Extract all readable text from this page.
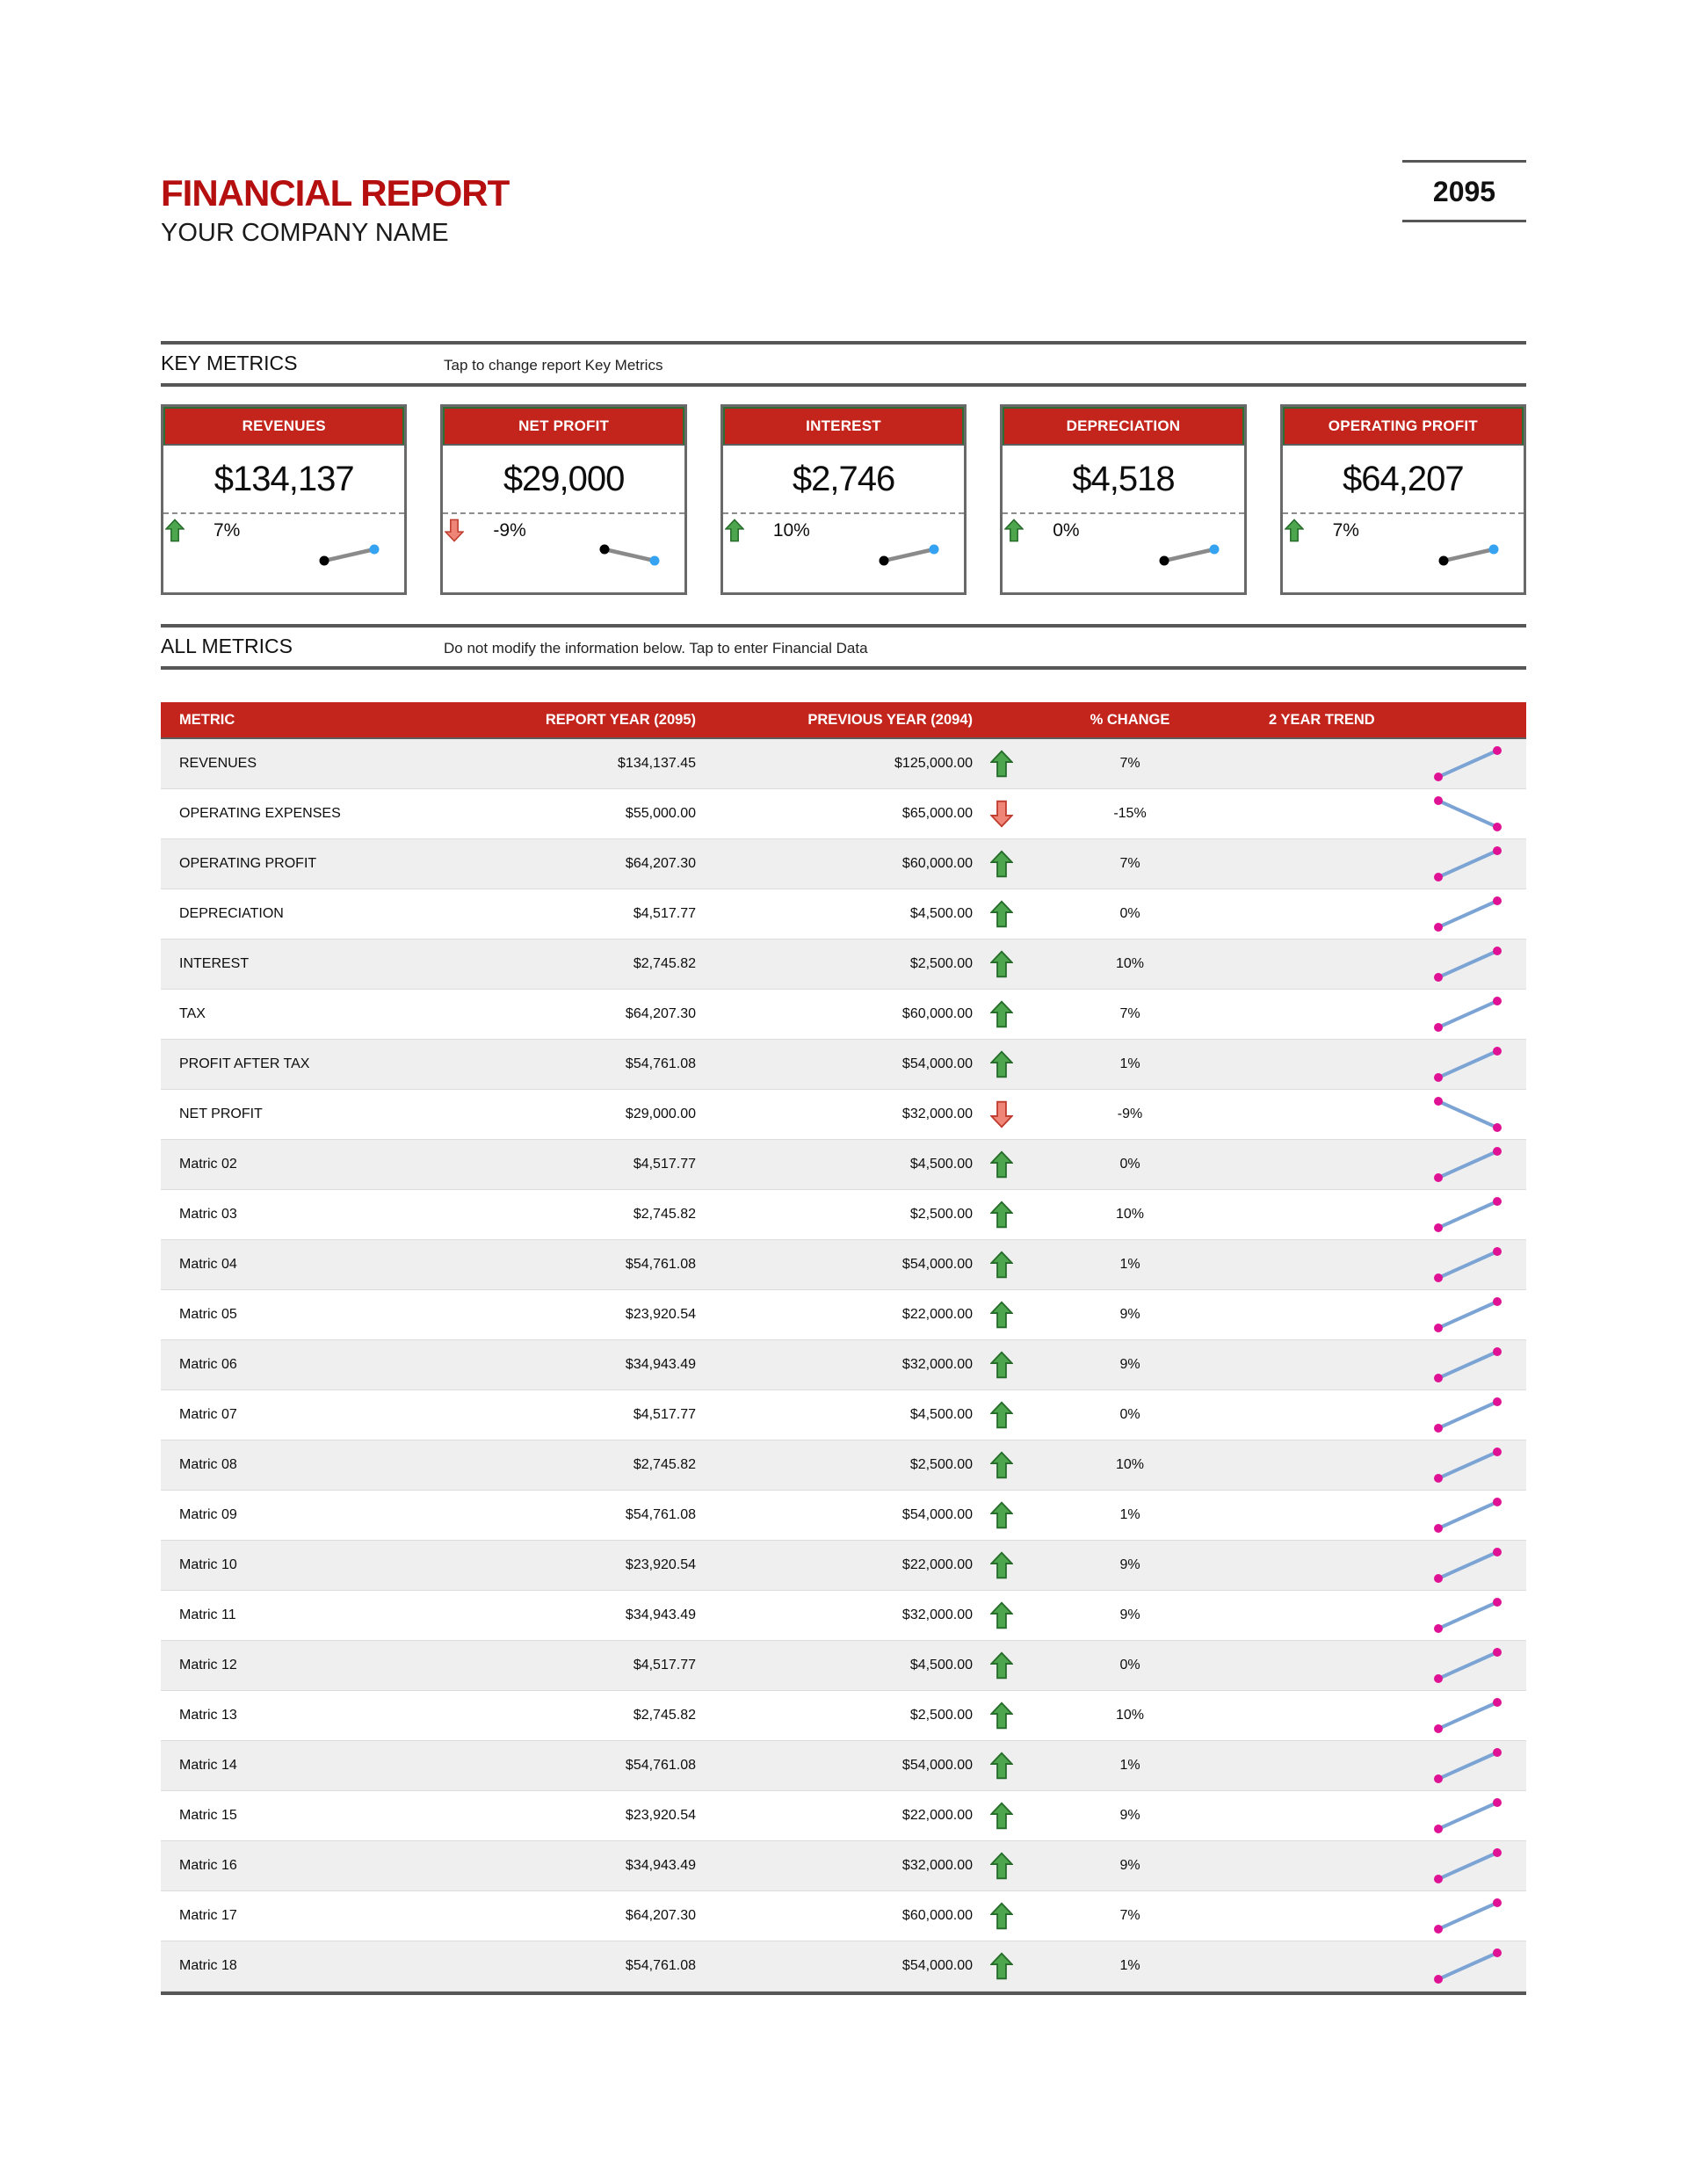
FINANCIAL REPORT
YOUR COMPANY NAME
2095
KEY METRICS	Tap to change report Key Metrics
REVENUES
$134,137
7%
NET PROFIT
$29,000
-9%
INTEREST
$2,746
10%
DEPRECIATION
$4,518
0%
OPERATING PROFIT
$64,207
7%
ALL METRICS	Do not modify the information below. Tap to enter Financial Data
METRIC	REPORT YEAR (2095)	PREVIOUS YEAR (2094)	% CHANGE	2 YEAR TREND
REVENUES	$134,137.45	$125,000.00	7%
OPERATING EXPENSES	$55,000.00	$65,000.00	-15%
OPERATING PROFIT	$64,207.30	$60,000.00	7%
DEPRECIATION	$4,517.77	$4,500.00	0%
INTEREST	$2,745.82	$2,500.00	10%
TAX	$64,207.30	$60,000.00	7%
PROFIT AFTER TAX	$54,761.08	$54,000.00	1%
NET PROFIT	$29,000.00	$32,000.00	-9%
Matric 02	$4,517.77	$4,500.00	0%
Matric 03	$2,745.82	$2,500.00	10%
Matric 04	$54,761.08	$54,000.00	1%
Matric 05	$23,920.54	$22,000.00	9%
Matric 06	$34,943.49	$32,000.00	9%
Matric 07	$4,517.77	$4,500.00	0%
Matric 08	$2,745.82	$2,500.00	10%
Matric 09	$54,761.08	$54,000.00	1%
Matric 10	$23,920.54	$22,000.00	9%
Matric 11	$34,943.49	$32,000.00	9%
Matric 12	$4,517.77	$4,500.00	0%
Matric 13	$2,745.82	$2,500.00	10%
Matric 14	$54,761.08	$54,000.00	1%
Matric 15	$23,920.54	$22,000.00	9%
Matric 16	$34,943.49	$32,000.00	9%
Matric 17	$64,207.30	$60,000.00	7%
Matric 18	$54,761.08	$54,000.00	1%
